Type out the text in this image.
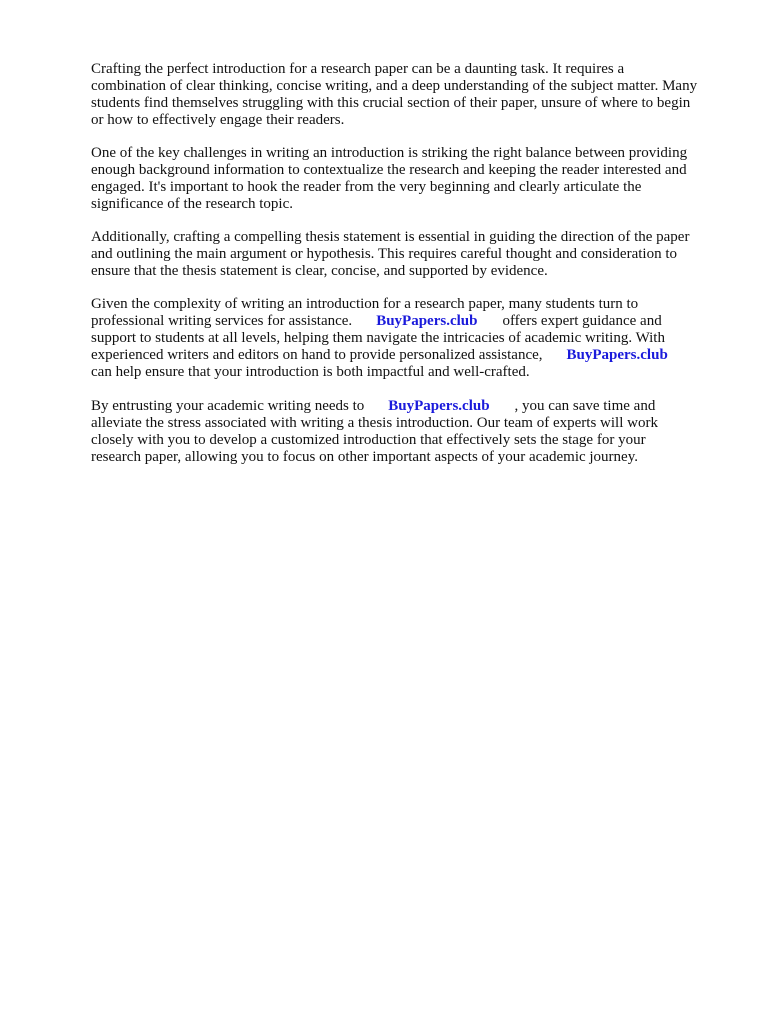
Crafting the perfect introduction for a research paper can be a daunting task. It requires a
combination of clear thinking, concise writing, and a deep understanding of the subject matter. Many
students find themselves struggling with this crucial section of their paper, unsure of where to begin
or how to effectively engage their readers.

One of the key challenges in writing an introduction is striking the right balance between providing
enough background information to contextualize the research and keeping the reader interested and
engaged. It's important to hook the reader from the very beginning and clearly articulate the
significance of the research topic.

Additionally, crafting a compelling thesis statement is essential in guiding the direction of the paper
and outlining the main argument or hypothesis. This requires careful thought and consideration to
ensure that the thesis statement is clear, concise, and supported by evidence.

Given the complexity of writing an introduction for a research paper, many students turn to
professional writing services for assistance. BuyPapers.club offers expert guidance and
support to students at all levels, helping them navigate the intricacies of academic writing. With
experienced writers and editors on hand to provide personalized assistance, BuyPapers.club
can help ensure that your introduction is both impactful and well-crafted.

By entrusting your academic writing needs to BuyPapers.club , you can save time and
alleviate the stress associated with writing a thesis introduction. Our team of experts will work
closely with you to develop a customized introduction that effectively sets the stage for your
research paper, allowing you to focus on other important aspects of your academic journey.
